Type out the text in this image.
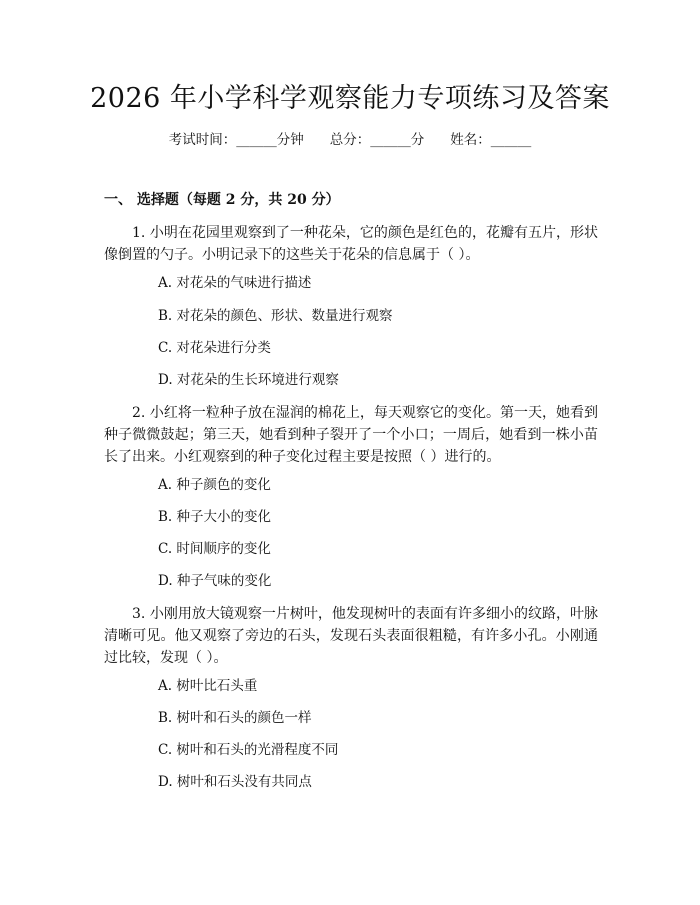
2026 年小学科学观察能力专项练习及答案
考试时间：______分钟 总分：______分 姓名：______
一、 选择题（每题 2 分，共 20 分）
1. 小明在花园里观察到了一种花朵，它的颜色是红色的，花瓣有五片，形状像倒置的勺子。小明记录下的这些关于花朵的信息属于（ ）。
A. 对花朵的气味进行描述
B. 对花朵的颜色、形状、数量进行观察
C. 对花朵进行分类
D. 对花朵的生长环境进行观察
2. 小红将一粒种子放在湿润的棉花上，每天观察它的变化。第一天，她看到种子微微鼓起；第三天，她看到种子裂开了一个小口；一周后，她看到一株小苗长了出来。小红观察到的种子变化过程主要是按照（ ）进行的。
A. 种子颜色的变化
B. 种子大小的变化
C. 时间顺序的变化
D. 种子气味的变化
3. 小刚用放大镜观察一片树叶，他发现树叶的表面有许多细小的纹路，叶脉清晰可见。他又观察了旁边的石头，发现石头表面很粗糙，有许多小孔。小刚通过比较，发现（ ）。
A. 树叶比石头重
B. 树叶和石头的颜色一样
C. 树叶和石头的光滑程度不同
D. 树叶和石头没有共同点
